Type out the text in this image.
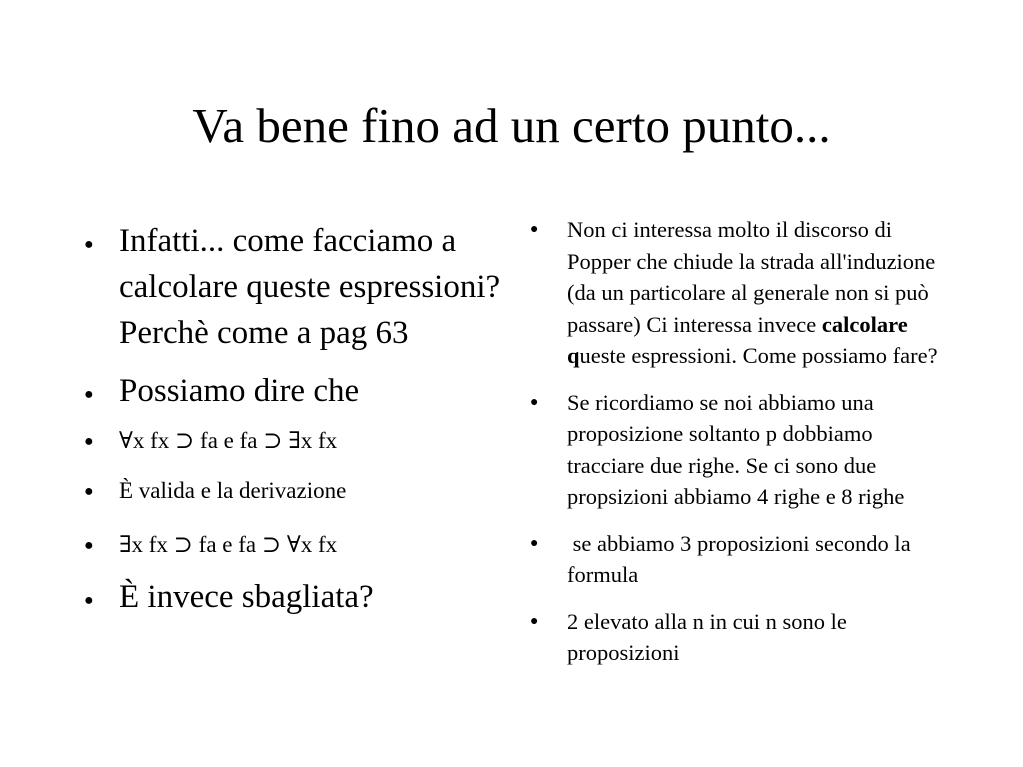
Va bene fino ad un certo punto...
● Infatti... come facciamo a calcolare queste espressioni? Perchè come a pag 63
● Possiamo dire che
● ∀x fx ⊃ fa e fa ⊃ ∃x fx
● È valida e la derivazione
● ∃x fx ⊃ fa e fa ⊃ ∀x fx
● È invece sbagliata?
● Non ci interessa molto il discorso di Popper che chiude la strada all'induzione (da un particolare al generale non si può passare) Ci interessa invece calcolare queste espressioni. Come possiamo fare?
● Se ricordiamo se noi abbiamo una proposizione soltanto p dobbiamo tracciare due righe. Se ci sono due propsizioni abbiamo 4 righe e 8 righe
● se abbiamo 3 proposizioni secondo la formula
● 2 elevato alla n in cui n sono le proposizioni
